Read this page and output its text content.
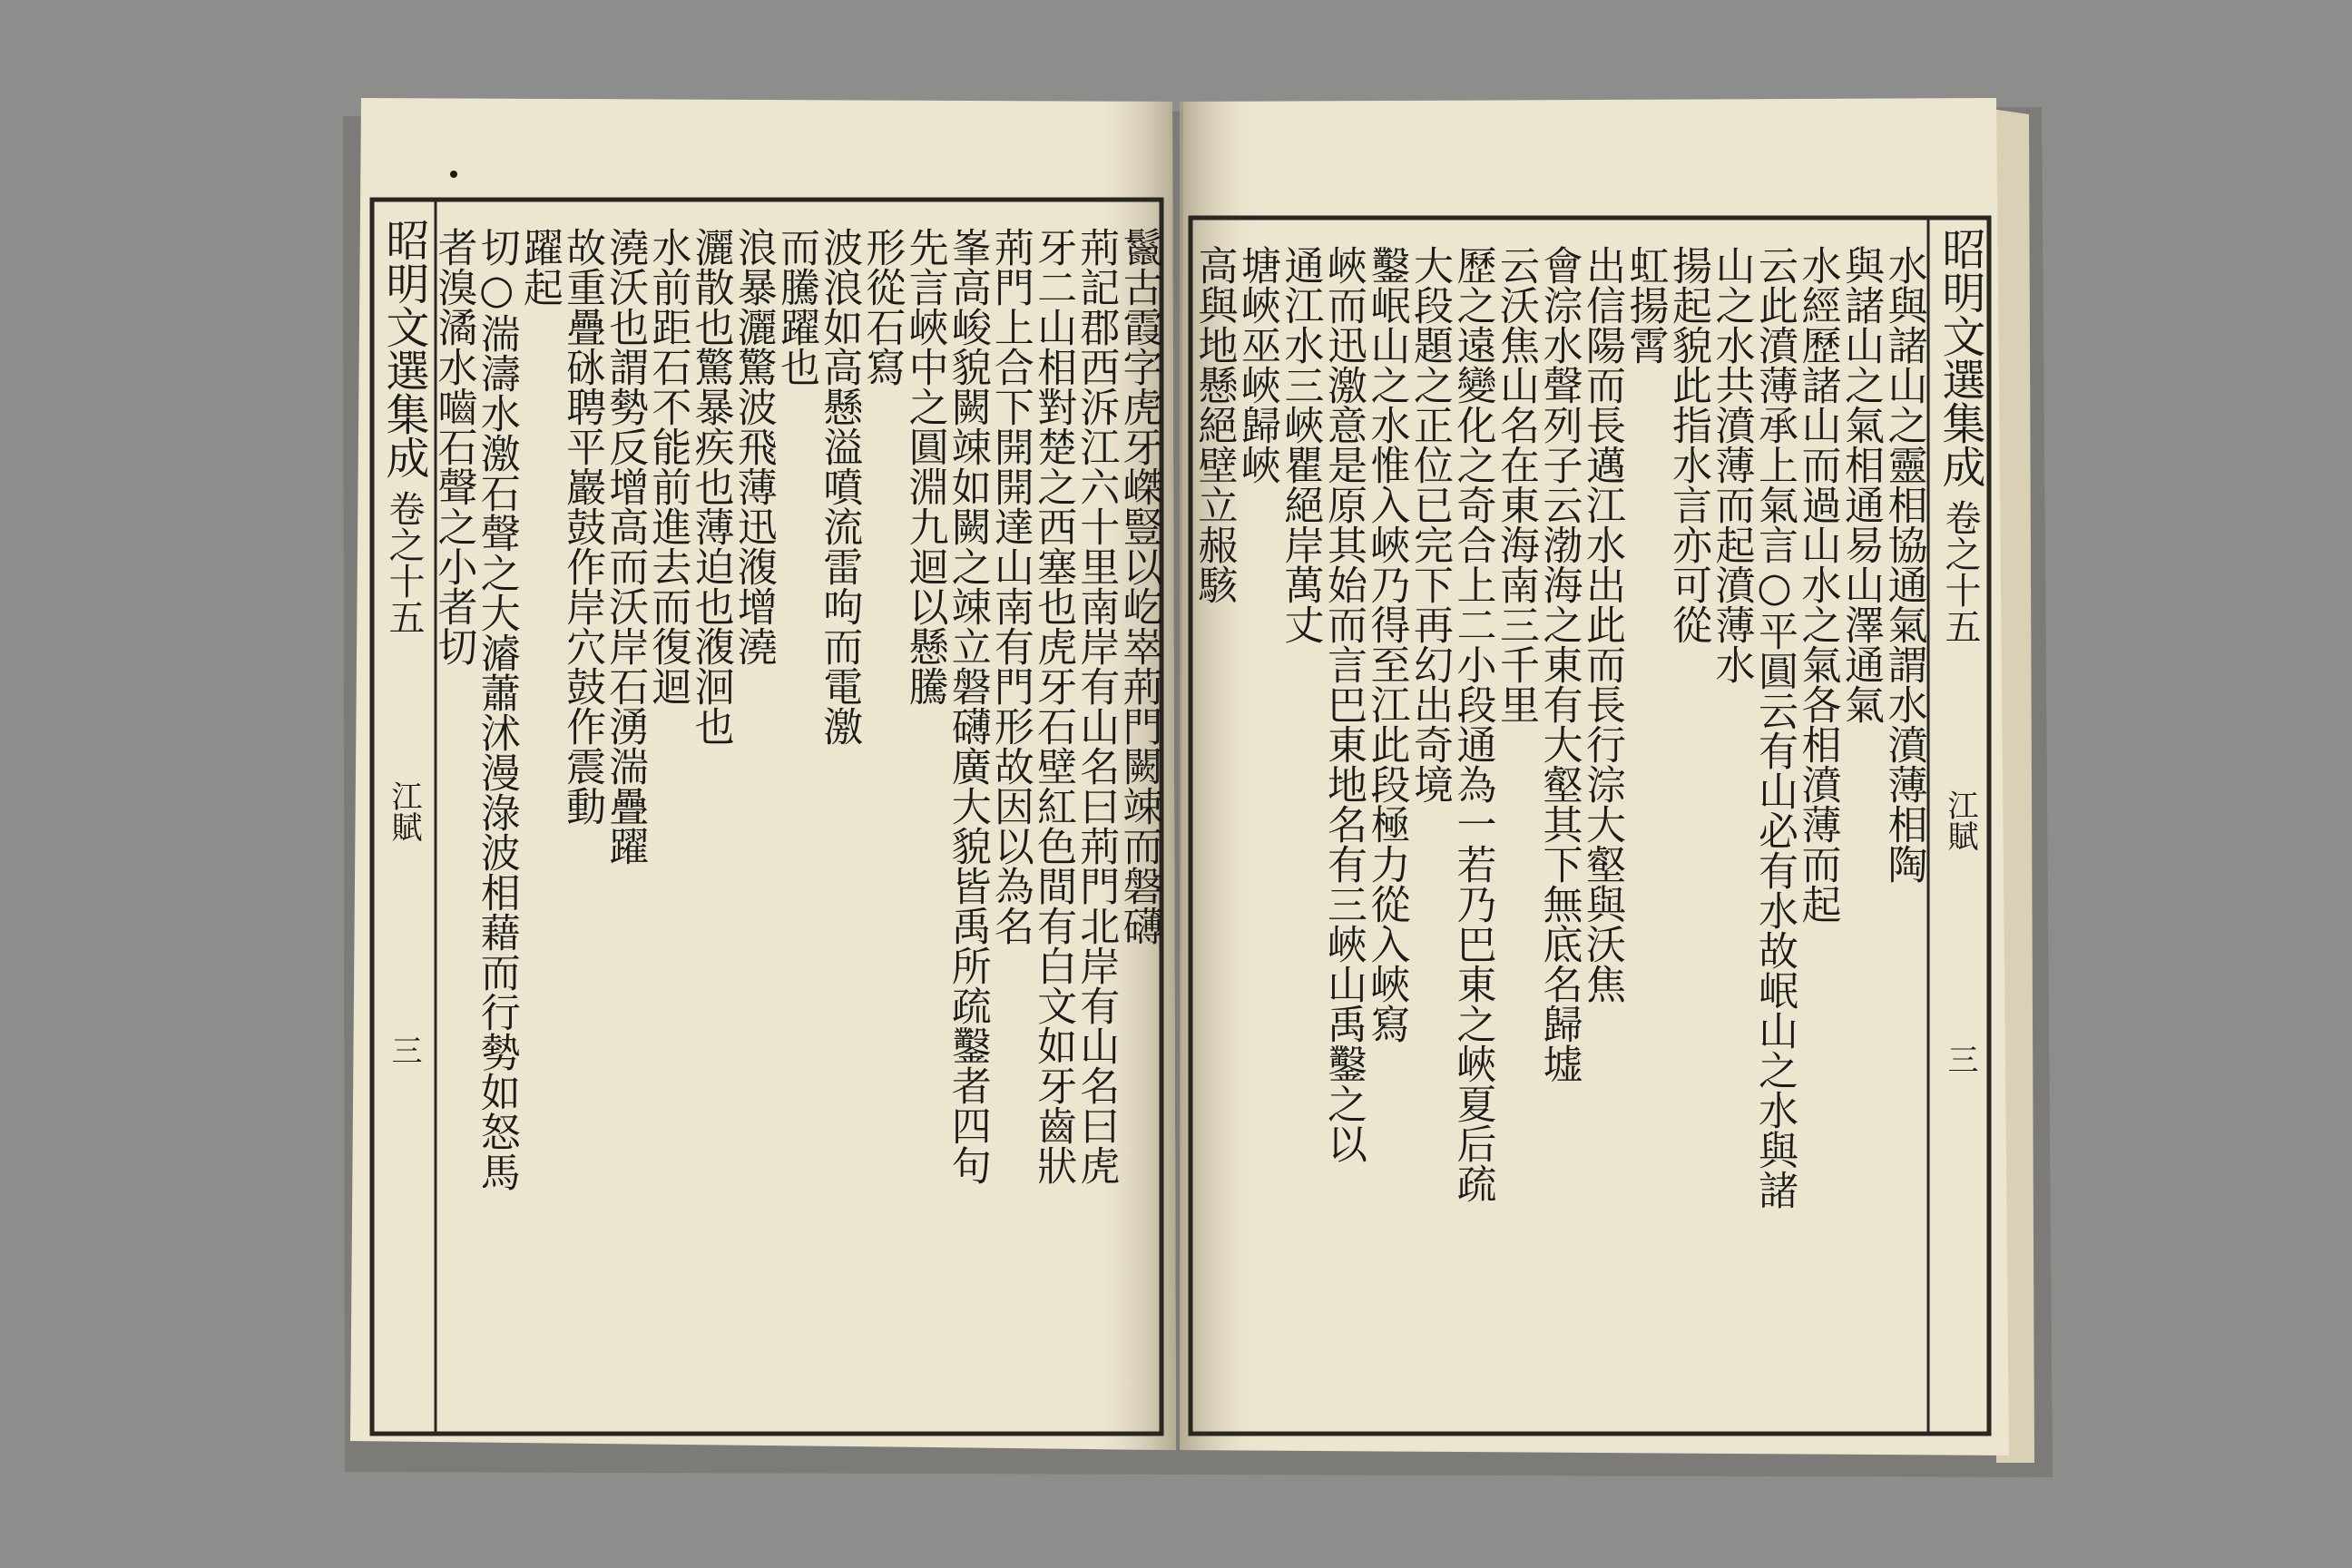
鬣古霞字虎牙嵥豎以屹崒荊門闕竦而磐礴
荊記郡西泝江六十里南岸有山名曰荊門北岸有山名曰虎
牙二山相對楚之西塞也虎牙石壁紅色間有白文如牙齒狀
荊門上合下開開達山南有門形故因以為名
峯高峻貌闕竦如闕之竦立磐礴廣大貌皆禹所疏鑿者四句
先言峽中之圓淵九迴以懸騰
形從石寫
波浪如高懸溢噴流雷呴而電激
而騰躍也
浪暴灑驚波飛薄迅澓增澆
灑散也驚暴疾也薄迫也澓洄也
水前距石不能前進去而復迴
澆沃也謂勢反增高而沃岸石湧湍疊躍
故重疊砯聘平巖鼓作岸穴鼓作震動
躍起
切○湍濤水激石聲之大𤀹蕭沭漫淥波相藉而行勢如怒馬
者溴潏水嚙石聲之小者切	水與諸山之靈相協通氣謂水濆薄相陶
與諸山之氣相通易山澤通氣
水經歷諸山而過山水之氣各相濆薄而起
云此濆薄承上氣言○平圓云有山必有水故岷山之水與諸
山之水共濆薄而起濆薄水
揚起貌此指水言亦可從
虹揚霄
出信陽而長邁江水出此而長行淙大壑與沃焦
會淙水聲列子云渤海之東有大壑其下無底名歸墟
云沃焦山名在東海南三千里
歷之遠變化之奇合上二小段通為一若乃巴東之峽夏后疏
大段題之正位已完下再幻出奇境
鑿岷山之水惟入峽乃得至江此段極力從入峽寫
峽而迅激意是原其始而言巴東地名有三峽山禹鑿之以
通江水三峽瞿絕岸萬丈
塘峽巫峽歸峽
高與地懸絕壁立赧駭
昭明文選集成
卷之十五
江賦
三
昭明文選集成
卷之十五
江賦
三
